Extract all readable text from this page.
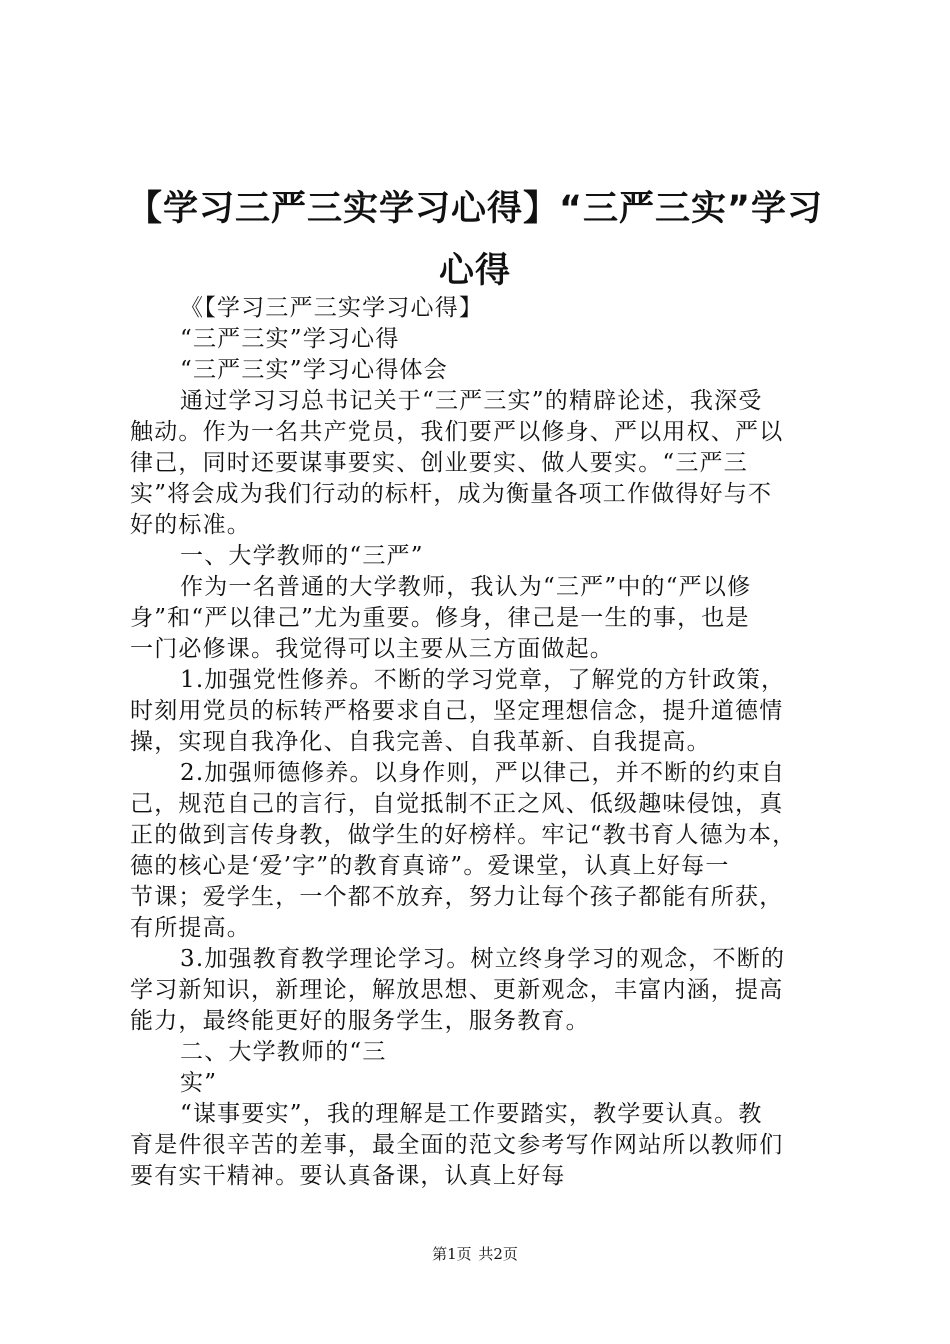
【学习三严三实学习心得】“三严三实”学习心得
《【学习三严三实学习心得】
“三严三实”学习心得
“三严三实”学习心得体会
通过学习习总书记关于“三严三实”的精辟论述，我深受
触动。作为一名共产党员，我们要严以修身、严以用权、严以
律己，同时还要谋事要实、创业要实、做人要实。“三严三
实”将会成为我们行动的标杆，成为衡量各项工作做得好与不
好的标准。
一、大学教师的“三严”
作为一名普通的大学教师，我认为“三严”中的“严以修
身”和“严以律己”尤为重要。修身，律己是一生的事，也是
一门必修课。我觉得可以主要从三方面做起。
1.加强党性修养。不断的学习党章，了解党的方针政策，
时刻用党员的标转严格要求自己，坚定理想信念，提升道德情
操，实现自我净化、自我完善、自我革新、自我提高。
2.加强师德修养。以身作则，严以律己，并不断的约束自
己，规范自己的言行，自觉抵制不正之风、低级趣味侵蚀，真
正的做到言传身教，做学生的好榜样。牢记“教书育人德为本，
德的核心是‘爱’字”的教育真谛”。爱课堂，认真上好每一
节课；爱学生，一个都不放弃，努力让每个孩子都能有所获，
有所提高。
3.加强教育教学理论学习。树立终身学习的观念，不断的
学习新知识，新理论，解放思想、更新观念，丰富内涵，提高
能力，最终能更好的服务学生，服务教育。
二、大学教师的“三
实”
“谋事要实”，我的理解是工作要踏实，教学要认真。教
育是件很辛苦的差事，最全面的范文参考写作网站所以教师们
要有实干精神。要认真备课，认真上好每
第1页 共2页
